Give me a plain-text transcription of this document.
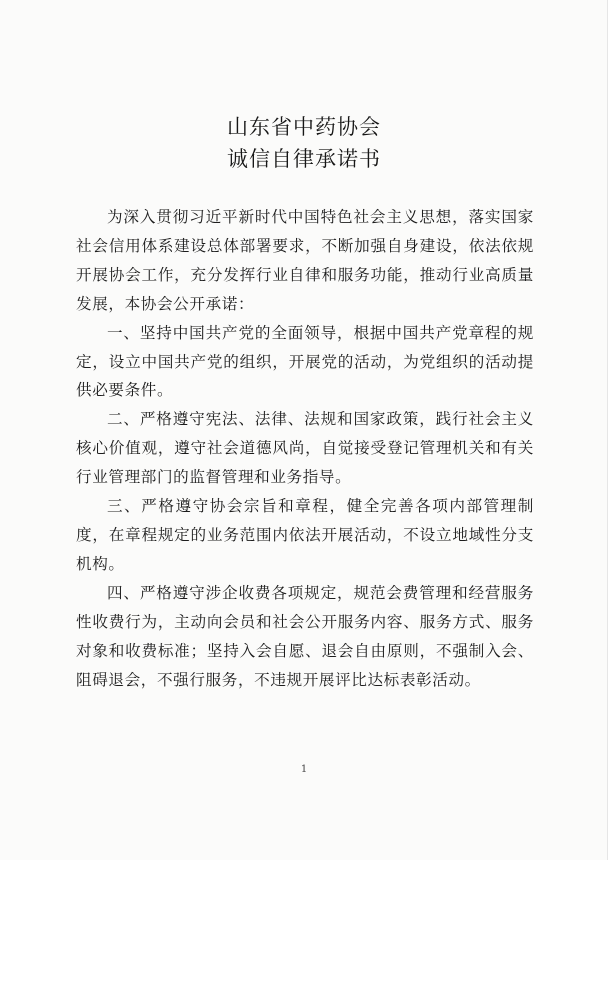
山东省中药协会
诚信自律承诺书

为深入贯彻习近平新时代中国特色社会主义思想，落实国家社会信用体系建设总体部署要求，不断加强自身建设，依法依规开展协会工作，充分发挥行业自律和服务功能，推动行业高质量发展，本协会公开承诺：

一、坚持中国共产党的全面领导，根据中国共产党章程的规定，设立中国共产党的组织，开展党的活动，为党组织的活动提供必要条件。

二、严格遵守宪法、法律、法规和国家政策，践行社会主义核心价值观，遵守社会道德风尚，自觉接受登记管理机关和有关行业管理部门的监督管理和业务指导。

三、严格遵守协会宗旨和章程，健全完善各项内部管理制度，在章程规定的业务范围内依法开展活动，不设立地域性分支机构。

四、严格遵守涉企收费各项规定，规范会费管理和经营服务性收费行为，主动向会员和社会公开服务内容、服务方式、服务对象和收费标准；坚持入会自愿、退会自由原则，不强制入会、阻碍退会，不强行服务，不违规开展评比达标表彰活动。

1
